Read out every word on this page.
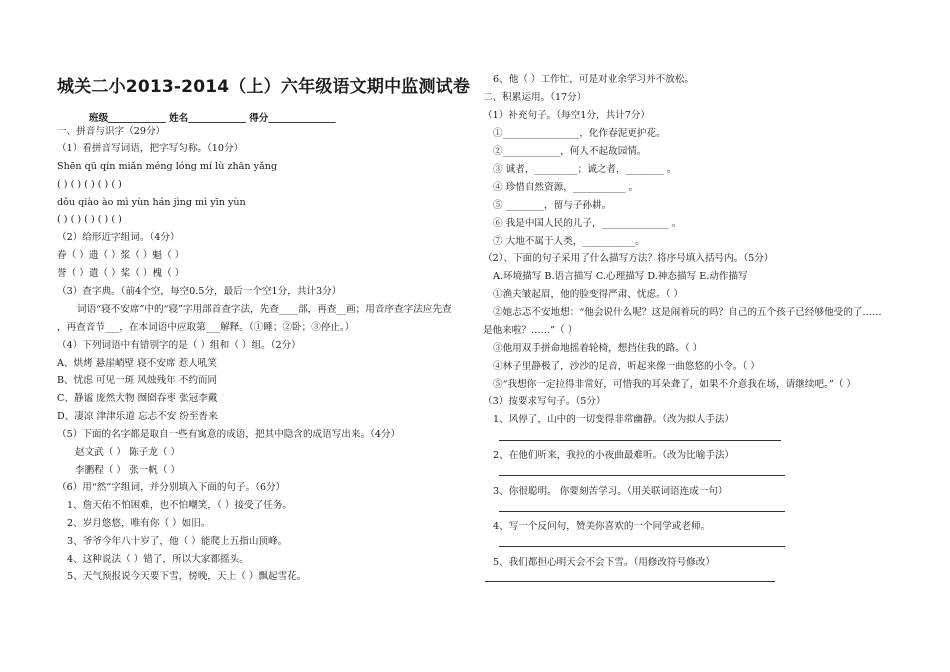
城关二小2013-2014（上）六年级语文期中监测试卷
班级____________ 姓名____________ 得分______________
一、拼音与识字（29分）
（1）看拼音写词语，把字写匀称。（10分）
Shēn qū qín miǎn méng lóng mí lù zhān yǎng
( ) ( ) ( ) ( ) ( )
dǒu qiào ào mì yùn hán jìng mì yīn yùn
( ) ( ) ( ) ( ) ( )
（2）给形近字组词。（4分）
眷（ ）遗（ ）浆（ ）魁（ ）
誉（ ）遣（ ）桨（ ）槐（ ）
（3）查字典。（前4个空，每空0.5分，最后一个空1分，共计3分）
词语“寝不安席”中的“寝”字用部首查字法，先查____部，再查__画；用音序查字法应先查
，再查音节___，在本词语中应取第___解释。（①睡；②卧；③停止。）
（4）下列词语中有错别字的是（ ）组和（ ）组。（2分）
A、烘烤 悬崖峭壁 寝不安席 惹人吼笑
B、忧虑 可见一斑 风烛残年 不约而同
C、静谧 庞然大物 囫囵吞枣 张冠李戴
D、凄凉 津津乐道 忘忐不安 纷至沓来
（5）下面的名字都是取自一些有寓意的成语，把其中隐含的成语写出来。（4分）
赵文武（ ） 陈子龙（ ）
李鹏程（ ） 张一帆（ ）
（6）用“然”字组词，并分别填入下面的句子。（6分）
1、詹天佑不怕困难，也不怕嘲笑，（ ）接受了任务。
2、岁月悠悠，唯有你（ ）如旧。
3、爷爷今年八十岁了，他（ ）能爬上五指山顶峰。
4、这种说法（ ）错了，所以大家都摇头。
5、天气预报说今天要下雪，傍晚，天上（ ）飘起雪花。
6、他（ ）工作忙，可是对业余学习并不放松。
二、积累运用。（17分）
（1）补充句子。（每空1分，共计7分）
①________________，化作春泥更护花。
②____________，何人不起故园情。
③ 诚者，_________；诚之者，________ 。
④ 珍惜自然资源，___________ 。
⑤ ________，留与子孙耕。
⑥ 我是中国人民的儿子，______________ 。
⑦ 大地不属于人类，___________。
（2）、下面的句子采用了什么描写方法？将序号填入括号内。（5分）
A.环境描写 B.语言描写 C.心理描写 D.神态描写 E.动作描写
①渔夫皱起眉，他的脸变得严肃、忧虑。（ ）
②她忐忑不安地想：“他会说什么呢？这是闹着玩的吗？自己的五个孩子已经够他受的了……
是他来啦？……”（ ）
③他用双手拼命地摇着轮椅，想挡住我的路。（ ）
④林子里静极了，沙沙的足音，听起来像一曲悠悠的小令。（ ）
⑤“我想你一定拉得非常好，可惜我的耳朵聋了，如果不介意我在场，请继续吧。”（ ）
（3）按要求写句子。（5分）
1、风停了，山中的一切变得非常幽静。（改为拟人手法）
2、在他们听来，我拉的小夜曲最难听。（改为比喻手法）
3、你很聪明。 你要刻苦学习。（用关联词语连成一句）
4、写一个反问句，赞美你喜欢的一个同学或老师。
5、我们都担心明天会不会下雪。（用修改符号修改）
